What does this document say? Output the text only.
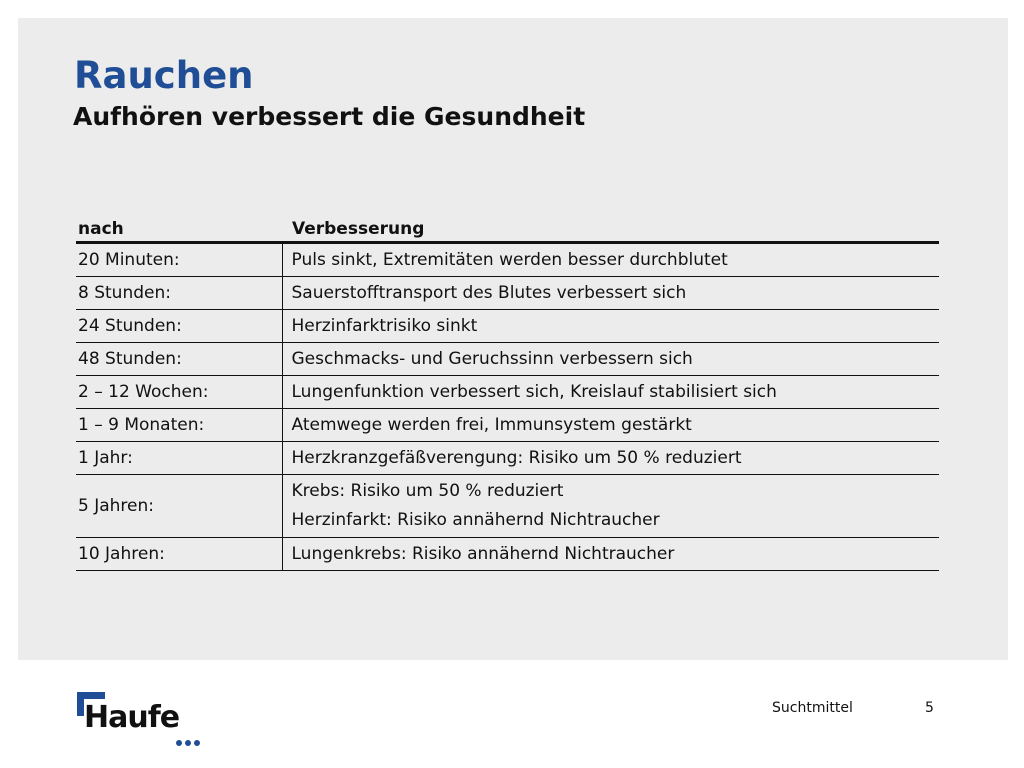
Rauchen
Aufhören verbessert die Gesundheit
nach	Verbesserung
20 Minuten:	Puls sinkt, Extremitäten werden besser durchblutet
8 Stunden:	Sauerstofftransport des Blutes verbessert sich
24 Stunden:	Herzinfarktrisiko sinkt
48 Stunden:	Geschmacks- und Geruchssinn verbessern sich
2 – 12 Wochen:	Lungenfunktion verbessert sich, Kreislauf stabilisiert sich
1 – 9 Monaten:	Atemwege werden frei, Immunsystem gestärkt
1 Jahr:	Herzkranzgefäßverengung: Risiko um 50 % reduziert
5 Jahren:	Krebs: Risiko um 50 % reduziert
Herzinfarkt: Risiko annähernd Nichtraucher

10 Jahren:	Lungenkrebs: Risiko annähernd Nichtraucher
Haufe	Suchtmittel	5
